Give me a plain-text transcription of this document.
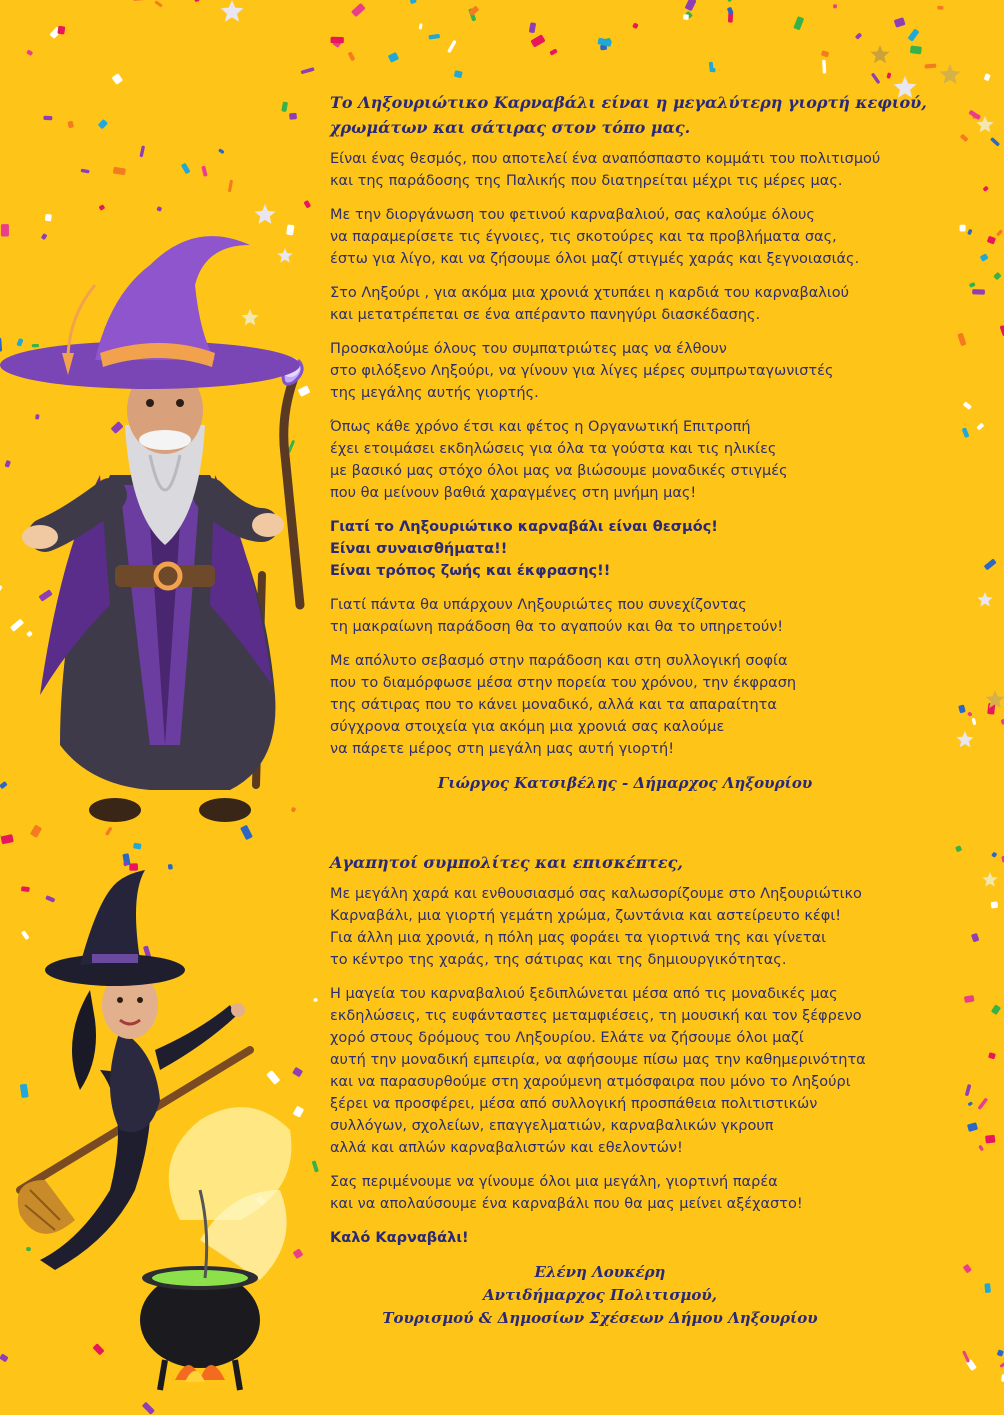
Το Ληξουριώτικο Καρναβάλι είναι η μεγαλύτερη γιορτή κεφιού,
χρωμάτων και σάτιρας στον τόπο μας.
Είναι ένας θεσμός, που αποτελεί ένα αναπόσπαστο κομμάτι του πολιτισμού
και της παράδοσης της Παλικής που διατηρείται μέχρι τις μέρες μας.
Με την διοργάνωση του φετινού καρναβαλιού, σας καλούμε όλους
να παραμερίσετε τις έγνοιες, τις σκοτούρες και τα προβλήματα σας,
έστω για λίγο, και να ζήσουμε όλοι μαζί στιγμές χαράς και ξεγνοιασιάς.
Στο Ληξούρι , για ακόμα μια χρονιά χτυπάει η καρδιά του καρναβαλιού
και μετατρέπεται σε ένα απέραντο πανηγύρι διασκέδασης.
Προσκαλούμε όλους του συμπατριώτες μας να έλθουν
στο φιλόξενο Ληξούρι, να γίνουν για λίγες μέρες συμπρωταγωνιστές
της μεγάλης αυτής γιορτής.
Όπως κάθε χρόνο έτσι και φέτος η Οργανωτική Επιτροπή
έχει ετοιμάσει εκδηλώσεις για όλα τα γούστα και τις ηλικίες
με βασικό μας στόχο όλοι μας να βιώσουμε μοναδικές στιγμές
που θα μείνουν βαθιά χαραγμένες στη μνήμη μας!
Γιατί το Ληξουριώτικο καρναβάλι είναι θεσμός!
Είναι συναισθήματα!!
Είναι τρόπος ζωής και έκφρασης!!
Γιατί πάντα θα υπάρχουν Ληξουριώτες που συνεχίζοντας
τη μακραίωνη παράδοση θα το αγαπούν και θα το υπηρετούν!
Με απόλυτο σεβασμό στην παράδοση και στη συλλογική σοφία
που το διαμόρφωσε μέσα στην πορεία του χρόνου, την έκφραση
της σάτιρας που το κάνει μοναδικό, αλλά και τα απαραίτητα
σύγχρονα στοιχεία για ακόμη μια χρονιά σας καλούμε
να πάρετε μέρος στη μεγάλη μας αυτή γιορτή!
Γιώργος Κατσιβέλης - Δήμαρχος Ληξουρίου
Αγαπητοί συμπολίτες και επισκέπτες,
Με μεγάλη χαρά και ενθουσιασμό σας καλωσορίζουμε στο Ληξουριώτικο
Καρναβάλι, μια γιορτή γεμάτη χρώμα, ζωντάνια και αστείρευτο κέφι!
Για άλλη μια χρονιά, η πόλη μας φοράει τα γιορτινά της και γίνεται
το κέντρο της χαράς, της σάτιρας και της δημιουργικότητας.
Η μαγεία του καρναβαλιού ξεδιπλώνεται μέσα από τις μοναδικές μας
εκδηλώσεις, τις ευφάνταστες μεταμφιέσεις, τη μουσική και τον ξέφρενο
χορό στους δρόμους του Ληξουρίου. Ελάτε να ζήσουμε όλοι μαζί
αυτή την μοναδική εμπειρία, να αφήσουμε πίσω μας την καθημερινότητα
και να παρασυρθούμε στη χαρούμενη ατμόσφαιρα που μόνο το Ληξούρι
ξέρει να προσφέρει, μέσα από συλλογική προσπάθεια πολιτιστικών
συλλόγων, σχολείων, επαγγελματιών, καρναβαλικών γκρουπ
αλλά και απλών καρναβαλιστών και εθελοντών!
Σας περιμένουμε να γίνουμε όλοι μια μεγάλη, γιορτινή παρέα
και να απολαύσουμε ένα καρναβάλι που θα μας μείνει αξέχαστο!
Καλό Καρναβάλι!
Ελένη Λουκέρη
Αντιδήμαρχος Πολιτισμού,
Τουρισμού & Δημοσίων Σχέσεων Δήμου Ληξουρίου
